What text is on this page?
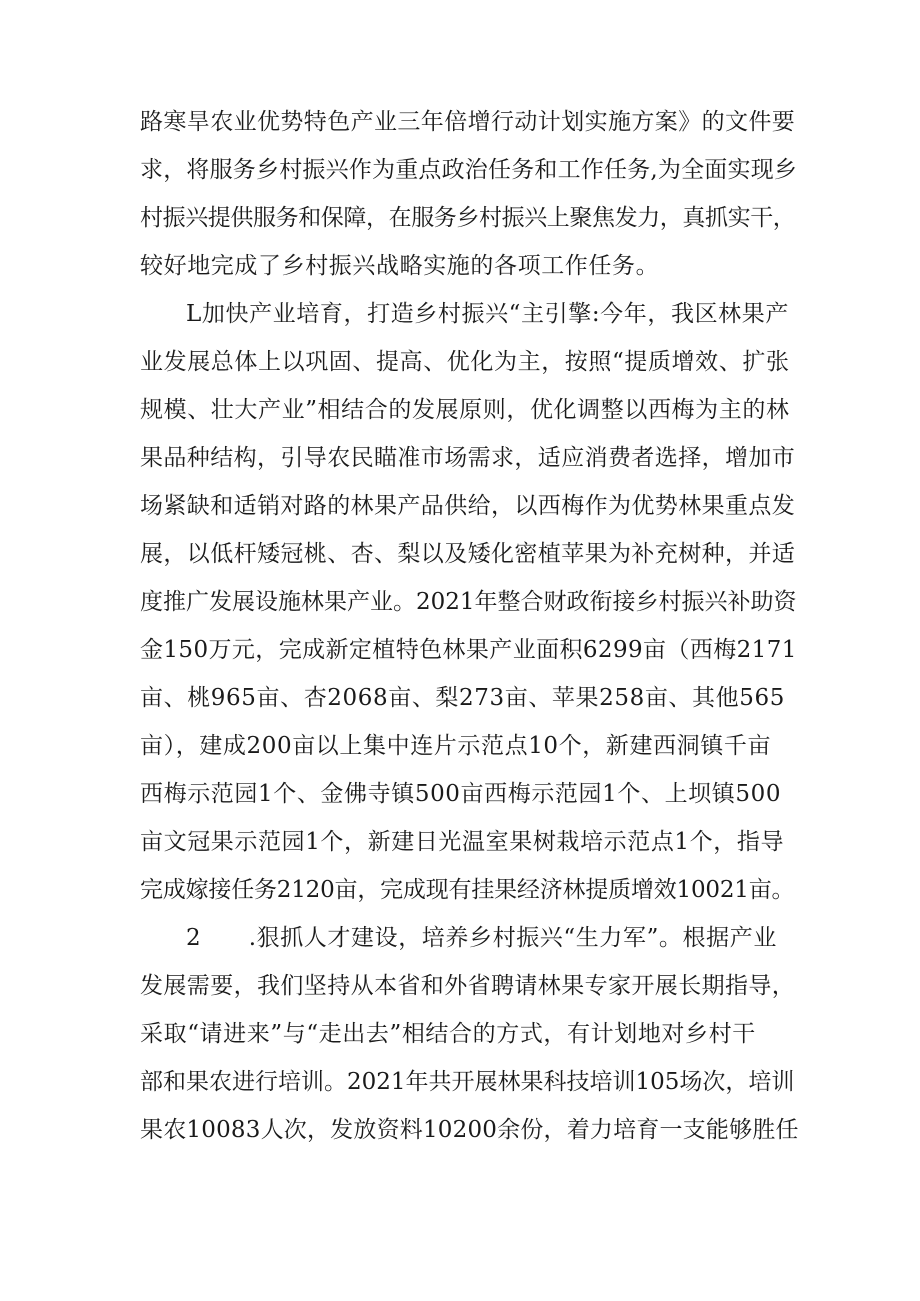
路寒旱农业优势特色产业三年倍增行动计划实施方案》的文件要
求，将服务乡村振兴作为重点政治任务和工作任务,为全面实现乡
村振兴提供服务和保障，在服务乡村振兴上聚焦发力，真抓实干，
较好地完成了乡村振兴战略实施的各项工作任务。
L加快产业培育，打造乡村振兴“主引擎:今年，我区林果产
业发展总体上以巩固、提高、优化为主，按照“提质增效、扩张
规模、壮大产业”相结合的发展原则，优化调整以西梅为主的林
果品种结构，引导农民瞄准市场需求，适应消费者选择，增加市
场紧缺和适销对路的林果产品供给，以西梅作为优势林果重点发
展，以低杆矮冠桃、杏、梨以及矮化密植苹果为补充树种，并适
度推广发展设施林果产业。2021年整合财政衔接乡村振兴补助资
金150万元，完成新定植特色林果产业面积6299亩（西梅2171
亩、桃965亩、杏2068亩、梨273亩、苹果258亩、其他565
亩），建成200亩以上集中连片示范点10个，新建西洞镇千亩
西梅示范园1个、金佛寺镇500亩西梅示范园1个、上坝镇500
亩文冠果示范园1个，新建日光温室果树栽培示范点1个，指导
完成嫁接任务2120亩，完成现有挂果经济林提质增效10021亩。
2      .狠抓人才建设，培养乡村振兴“生力军”。根据产业
发展需要，我们坚持从本省和外省聘请林果专家开展长期指导，
采取“请进来”与“走出去”相结合的方式，有计划地对乡村干
部和果农进行培训。2021年共开展林果科技培训105场次，培训
果农10083人次，发放资料10200余份，着力培育一支能够胜任
